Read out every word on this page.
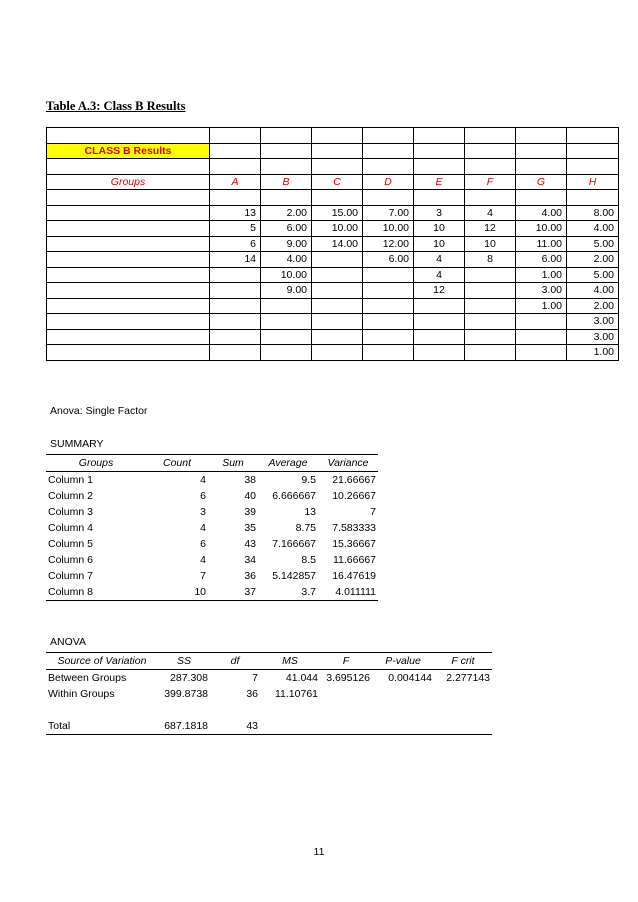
Table A.3: Class B Results

CLASS B Results								

Groups	A	B	C	D	E	F	G	H

	13	2.00	15.00	7.00	3	4	4.00	8.00
	5	6.00	10.00	10.00	10	12	10.00	4.00
	6	9.00	14.00	12.00	10	10	11.00	5.00
	14	4.00		6.00	4	8	6.00	2.00
		10.00			4		1.00	5.00
		9.00			12		3.00	4.00
							1.00	2.00
								3.00
								3.00
								1.00
Anova: Single Factor
SUMMARY
Groups	Count	Sum	Average	Variance
Column 1	4	38	9.5	21.66667
Column 2	6	40	6.666667	10.26667
Column 3	3	39	13	7
Column 4	4	35	8.75	7.583333
Column 5	6	43	7.166667	15.36667
Column 6	4	34	8.5	11.66667
Column 7	7	36	5.142857	16.47619
Column 8	10	37	3.7	4.011111
ANOVA
Source of Variation	SS	df	MS	F	P-value	F crit
Between Groups	287.308	7	41.044	3.695126	0.004144	2.277143
Within Groups	399.8738	36	11.10761			

Total	687.1818	43				
11
